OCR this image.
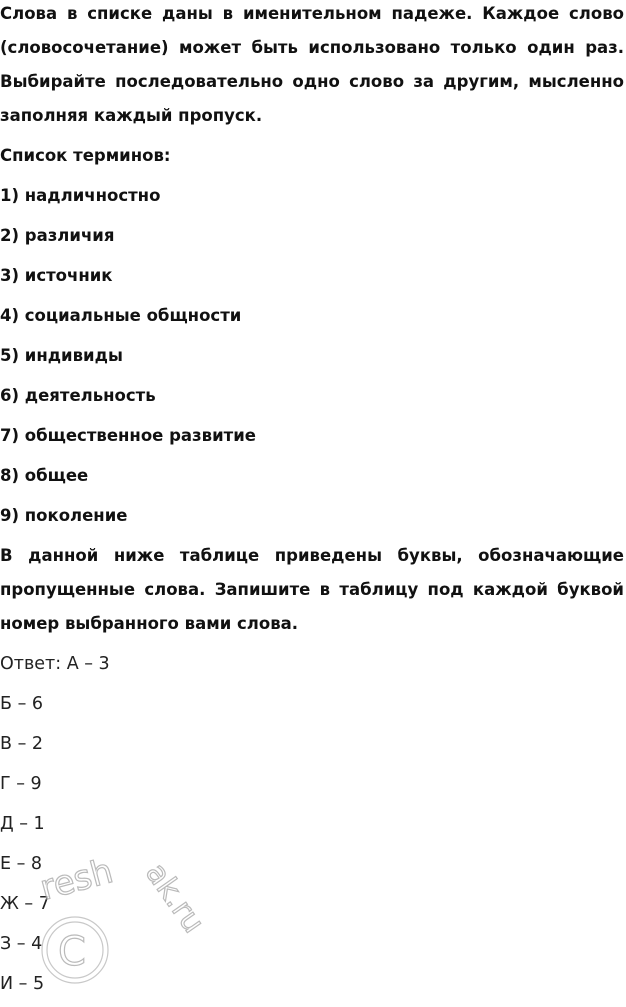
Слова в списке даны в именительном падеже. Каждое слово (словосочетание) может быть использовано только один раз. Выбирайте последовательно одно слово за другим, мысленно заполняя каждый пропуск.

Список терминов:

1) надличностно

2) различия

3) источник

4) социальные общности

5) индивиды

6) деятельность

7) общественное развитие

8) общее

9) поколение

В данной ниже таблице приведены буквы, обозначающие пропущенные слова. Запишите в таблицу под каждой буквой номер выбранного вами слова.

Ответ: А – 3

Б – 6

В – 2

Г – 9

Д – 1

Е – 8

Ж – 7

З – 4

И – 5

resh ak.ru
C
